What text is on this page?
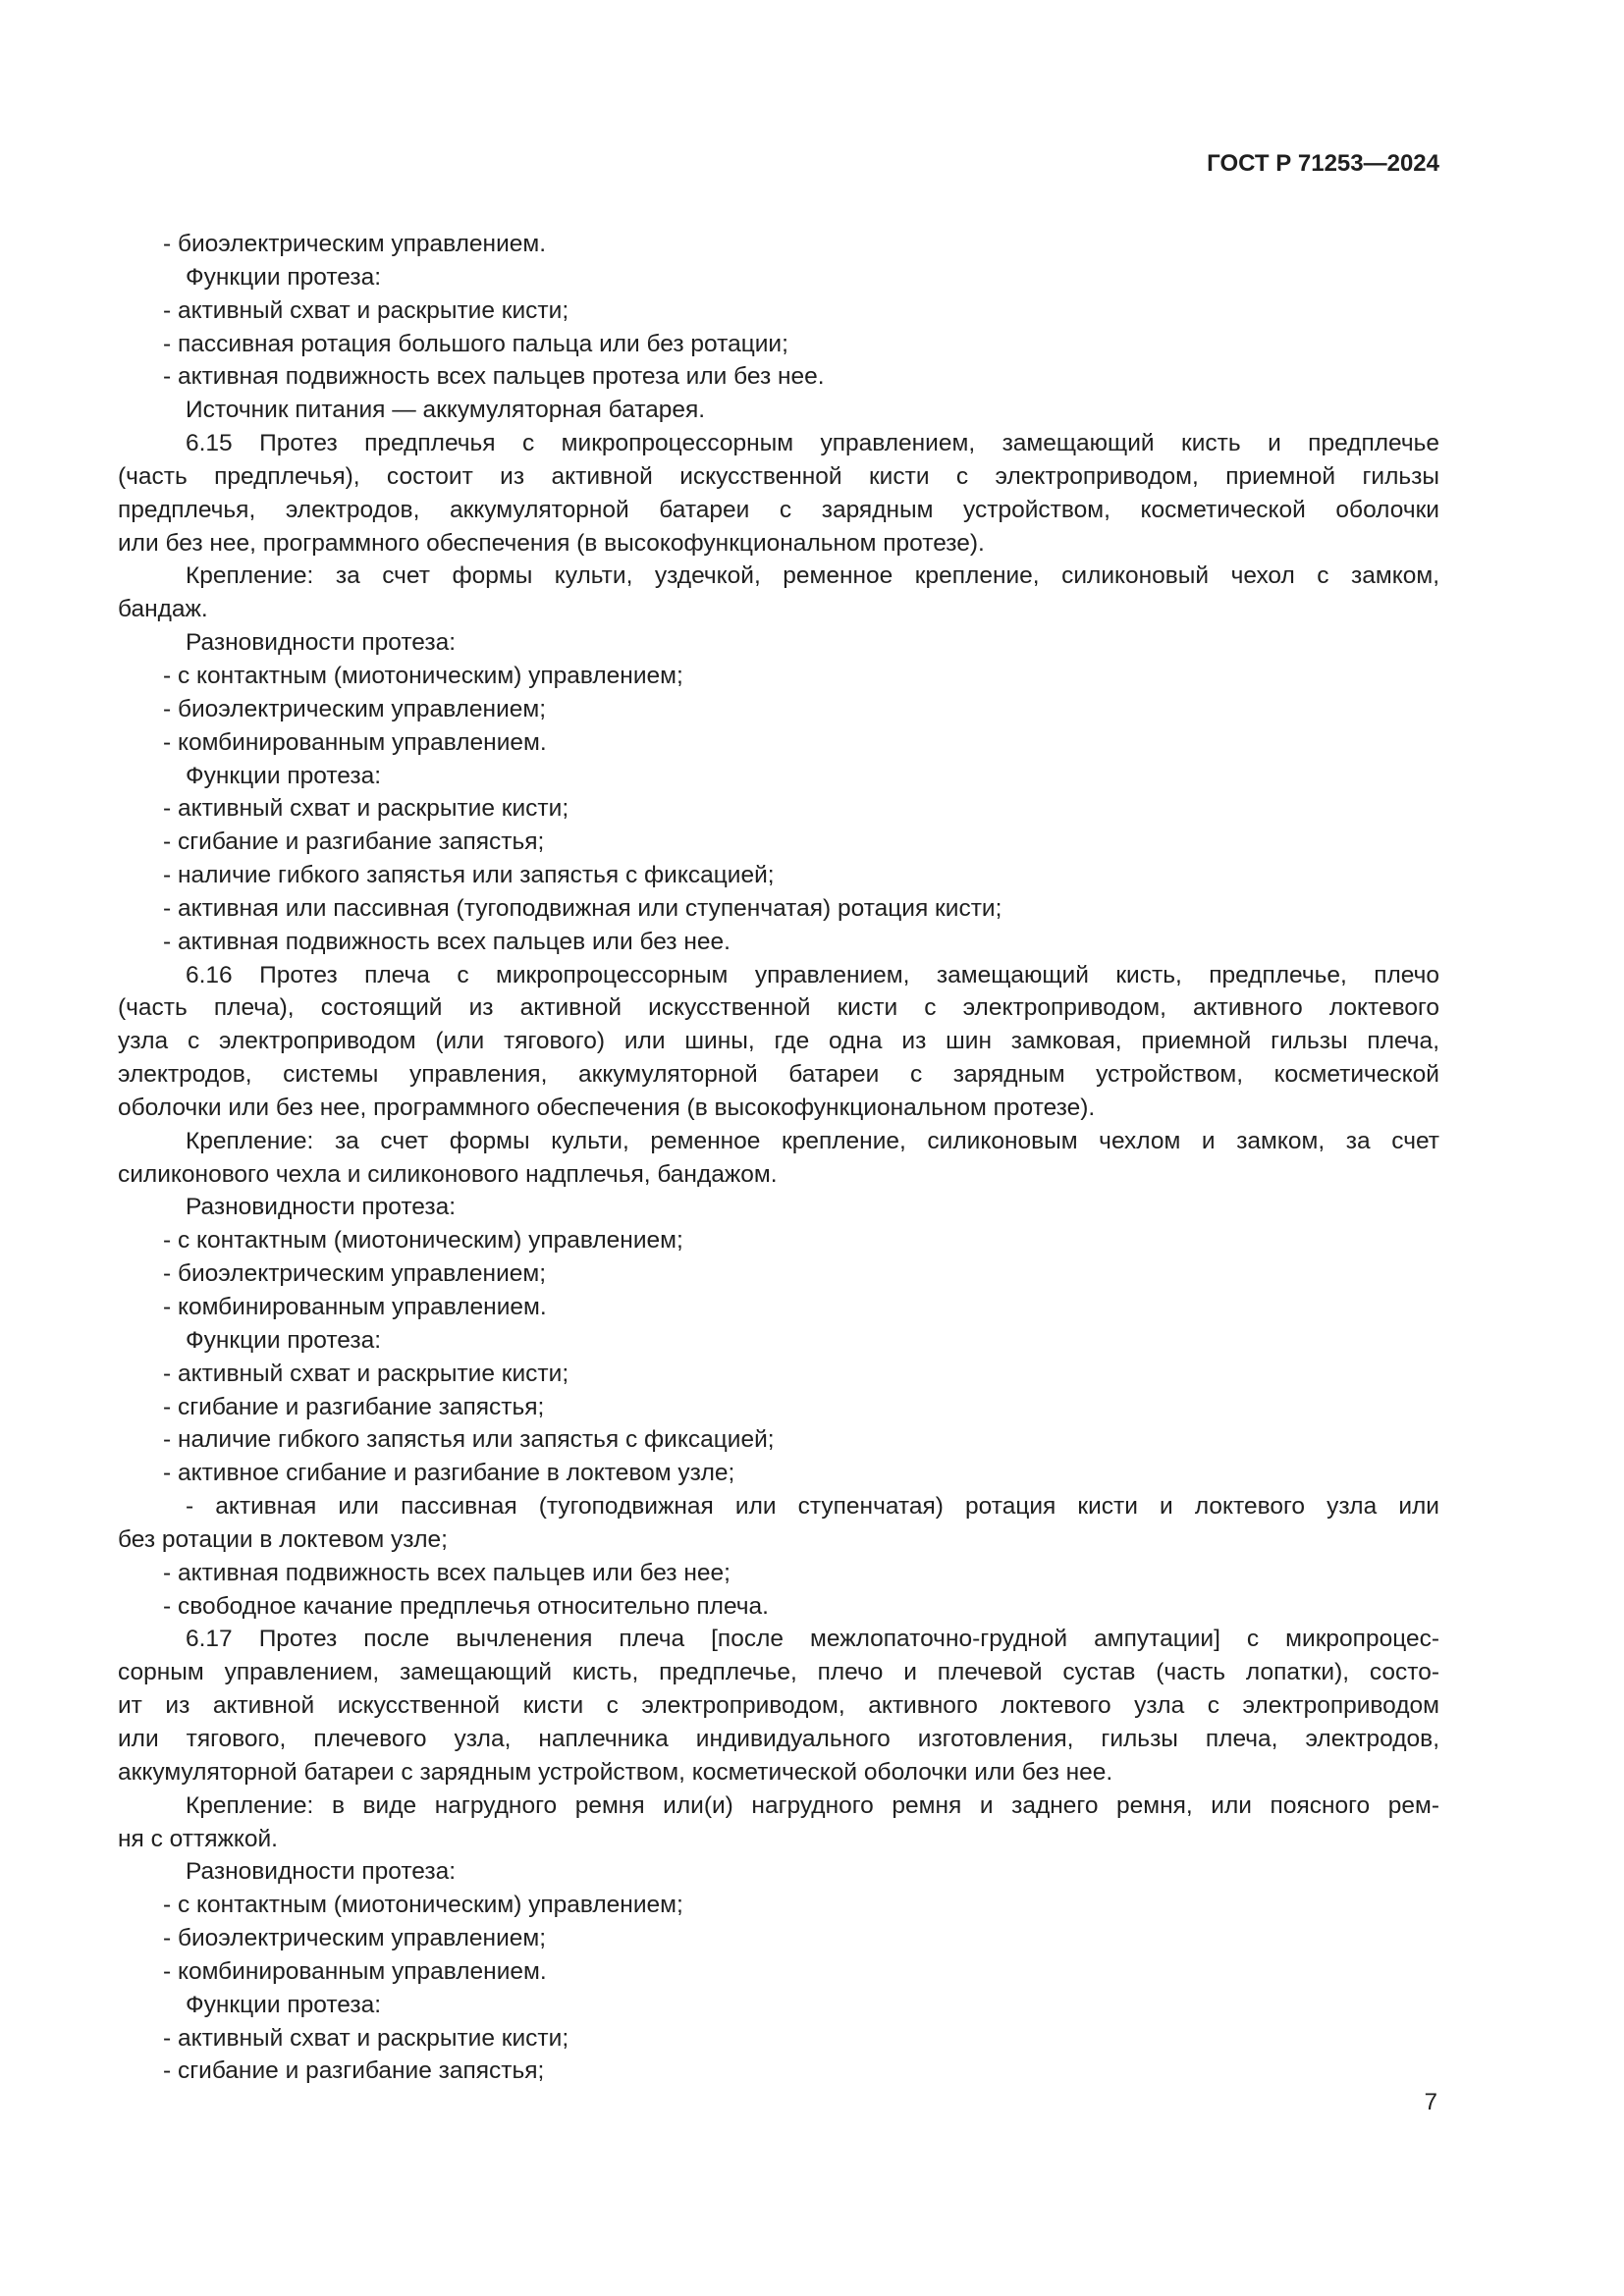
ГОСТ Р 71253—2024
- биоэлектрическим управлением.
Функции протеза:
- активный схват и раскрытие кисти;
- пассивная ротация большого пальца или без ротации;
- активная подвижность всех пальцев протеза или без нее.
Источник питания — аккумуляторная батарея.
6.15 Протез предплечья с микропроцессорным управлением, замещающий кисть и предплечье
(часть предплечья), состоит из активной искусственной кисти с электроприводом, приемной гильзы
предплечья, электродов, аккумуляторной батареи с зарядным устройством, косметической оболочки
или без нее, программного обеспечения (в высокофункциональном протезе).
Крепление: за счет формы культи, уздечкой, ременное крепление, силиконовый чехол с замком,
бандаж.
Разновидности протеза:
- с контактным (миотоническим) управлением;
- биоэлектрическим управлением;
- комбинированным управлением.
Функции протеза:
- активный схват и раскрытие кисти;
- сгибание и разгибание запястья;
- наличие гибкого запястья или запястья с фиксацией;
- активная или пассивная (тугоподвижная или ступенчатая) ротация кисти;
- активная подвижность всех пальцев или без нее.
6.16 Протез плеча с микропроцессорным управлением, замещающий кисть, предплечье, плечо
(часть плеча), состоящий из активной искусственной кисти с электроприводом, активного локтевого
узла с электроприводом (или тягового) или шины, где одна из шин замковая, приемной гильзы плеча,
электродов, системы управления, аккумуляторной батареи с зарядным устройством, косметической
оболочки или без нее, программного обеспечения (в высокофункциональном протезе).
Крепление: за счет формы культи, ременное крепление, силиконовым чехлом и замком, за счет
силиконового чехла и силиконового надплечья, бандажом.
Разновидности протеза:
- с контактным (миотоническим) управлением;
- биоэлектрическим управлением;
- комбинированным управлением.
Функции протеза:
- активный схват и раскрытие кисти;
- сгибание и разгибание запястья;
- наличие гибкого запястья или запястья с фиксацией;
- активное сгибание и разгибание в локтевом узле;
- активная или пассивная (тугоподвижная или ступенчатая) ротация кисти и локтевого узла или
без ротации в локтевом узле;
- активная подвижность всех пальцев или без нее;
- свободное качание предплечья относительно плеча.
6.17 Протез после вычленения плеча [после межлопаточно-грудной ампутации] с микропроцес-
сорным управлением, замещающий кисть, предплечье, плечо и плечевой сустав (часть лопатки), состо-
ит из активной искусственной кисти с электроприводом, активного локтевого узла с электроприводом
или тягового, плечевого узла, наплечника индивидуального изготовления, гильзы плеча, электродов,
аккумуляторной батареи с зарядным устройством, косметической оболочки или без нее.
Крепление: в виде нагрудного ремня или(и) нагрудного ремня и заднего ремня, или поясного рем-
ня с оттяжкой.
Разновидности протеза:
- с контактным (миотоническим) управлением;
- биоэлектрическим управлением;
- комбинированным управлением.
Функции протеза:
- активный схват и раскрытие кисти;
- сгибание и разгибание запястья;
7
